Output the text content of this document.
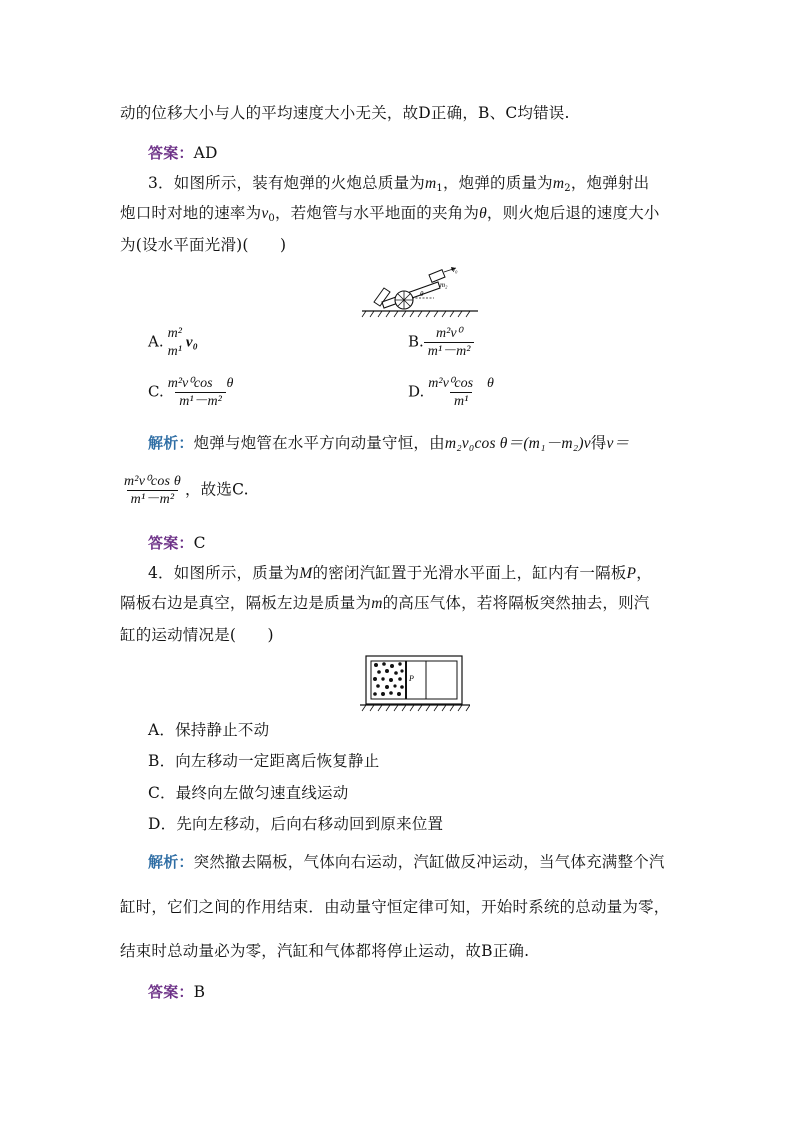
动的位移大小与人的平均速度大小无关，故D正确，B、C均错误.
答案：AD
3．如图所示，装有炮弹的火炮总质量为$m_1$，炮弹的质量为$m_2$，炮弹射出
炮口时对地的速率为$v_0$，若炮管与水平地面的夹角为θ，则火炮后退的速度大小
为(设水平面光滑)(　　)
θ
v₀
m₂
A. m²
m¹
v₀	B. $\frac{\text{m²v⁰}}{\text{m¹－m²}}$
C. $\frac{\text{m²v⁰cos　θ}}{\text{m¹－m²}}$	D. $\frac{\text{m²v⁰cos　θ}}{\text{m¹}}$
解析：炮弹与炮管在水平方向动量守恒，由m₂v₀cos θ＝(m₁－m₂)v得v＝
$\frac{\text{m²v⁰cos θ}}{\text{m¹－m²}}$ ，故选C.
答案：C
4．如图所示，质量为M的密闭汽缸置于光滑水平面上，缸内有一隔板P，
隔板右边是真空，隔板左边是质量为m的高压气体，若将隔板突然抽去，则汽
缸的运动情况是(　　)
P
A．保持静止不动
B．向左移动一定距离后恢复静止
C．最终向左做匀速直线运动
D．先向左移动，后向右移动回到原来位置
解析：突然撤去隔板，气体向右运动，汽缸做反冲运动，当气体充满整个汽
缸时，它们之间的作用结束．由动量守恒定律可知，开始时系统的总动量为零，
结束时总动量必为零，汽缸和气体都将停止运动，故B正确.
答案：B
